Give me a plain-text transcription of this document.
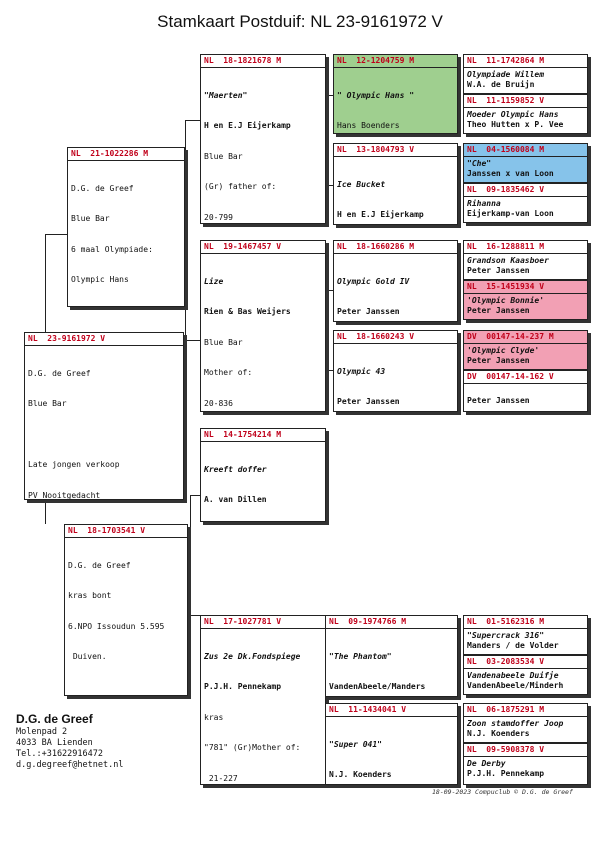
Stamkaart Postduif: NL 23-9161972 V
NL  23-9161972 V

D.G. de Greef

Blue Bar

Late jongen verkoop

PV Nooitgedacht

NL  21-1022286 M

D.G. de Greef

Blue Bar

6 maal Olympiade:

Olympic Hans

NL  18-1703541 V

D.G. de Greef

kras bont

6.NPO Issoudun 5.595

Duiven.

NL  18-1821678 M

"Maerten"

H en E.J Eijerkamp

Blue Bar

(Gr) father of:

20-799

NL  19-1467457 V

Lize

Rien & Bas Weijers

Blue Bar

Mother of:

20-836

NL  14-1754214 M

Kreeft doffer

A. van Dillen

NL  17-1027781 V

Zus 2e Dk.Fondspiege

P.J.H. Pennekamp

kras

"781" (Gr)Mother of:

21-227

NL  12-1204759 M

" Olympic Hans "

Hans Boenders

NL  13-1804793 V

Ice Bucket

H en E.J Eijerkamp

NL  18-1660286 M

Olympic Gold IV

Peter Janssen

NL  18-1660243 V

Olympic 43

Peter Janssen

NL  09-1974766 M

"The Phantom"

VandenAbeele/Manders

NL  11-1434041 V

"Super 041"

N.J. Koenders

NL  11-1742864 M
Olympiade Willem
W.A. de Bruijn
NL  11-1159852 V
Moeder Olympic Hans
Theo Hutten x P. Vee
NL  04-1560084 M
"Che"
Janssen x van Loon
NL  09-1835462 V
Rihanna
Eijerkamp-van Loon
NL  16-1288811 M
Grandson Kaasboer
Peter Janssen
NL  15-1451934 V
'Olympic Bonnie'
Peter Janssen
DV  00147-14-237 M
'Olympic Clyde'
Peter Janssen
DV  00147-14-162 V
Peter Janssen
NL  01-5162316 M
"Supercrack 316"
Manders / de Volder
NL  03-2083534 V
Vandenabeele Duifje
VandenAbeele/Minderh
NL  06-1875291 M
Zoon stamdoffer Joop
N.J. Koenders
NL  09-5908378 V
De Derby
P.J.H. Pennekamp
D.G. de Greef
Molenpad 2
4033 BA Lienden
Tel.:+31622916472
d.g.degreef@hetnet.nl
18-09-2023 Compuclub © D.G. de Greef
